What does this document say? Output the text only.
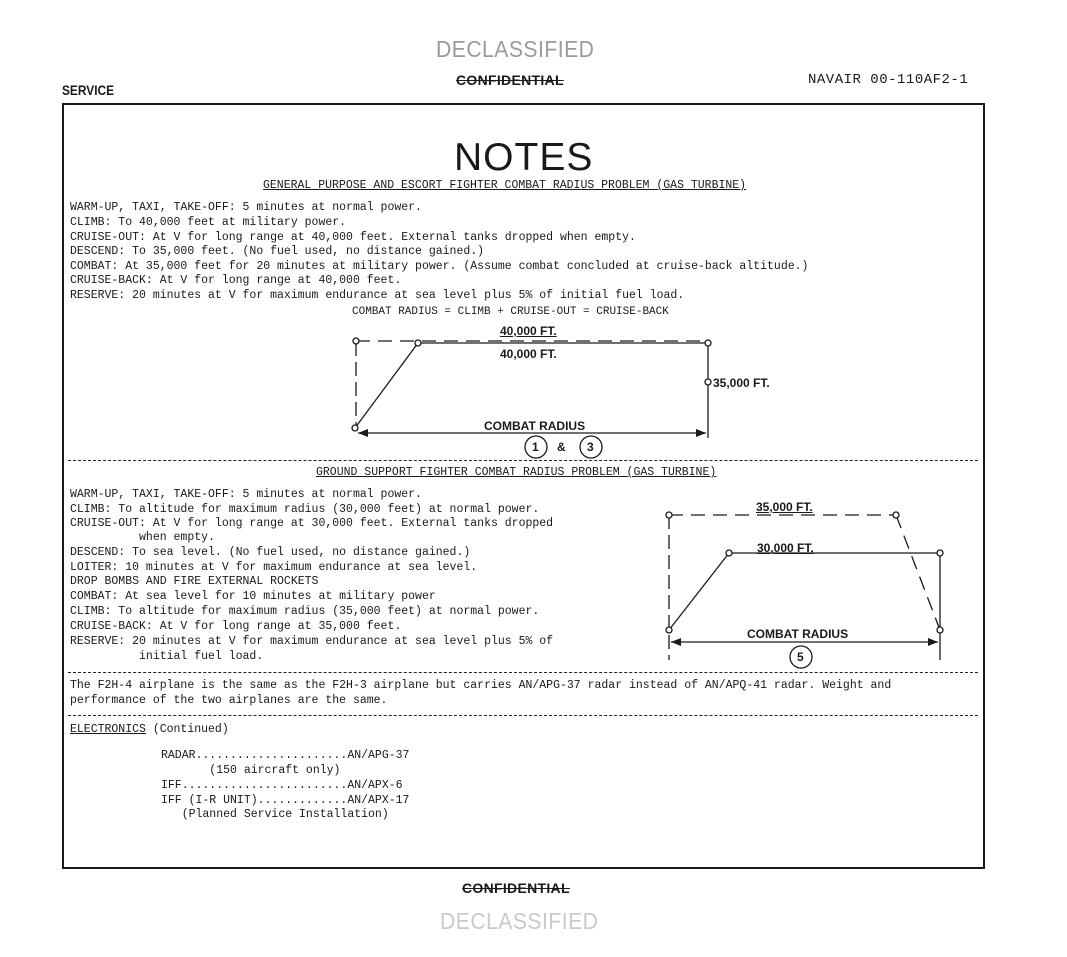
DECLASSIFIED
CONFIDENTIAL
SERVICE
NAVAIR 00-110AF2-1
NOTES
GENERAL PURPOSE AND ESCORT FIGHTER COMBAT RADIUS PROBLEM (GAS TURBINE)
WARM-UP, TAXI, TAKE-OFF: 5 minutes at normal power.
CLIMB: To 40,000 feet at military power.
CRUISE-OUT: At V for long range at 40,000 feet. External tanks dropped when empty.
DESCEND: To 35,000 feet. (No fuel used, no distance gained.)
COMBAT: At 35,000 feet for 20 minutes at military power. (Assume combat concluded at cruise-back altitude.)
CRUISE-BACK: At V for long range at 40,000 feet.
RESERVE: 20 minutes at V for maximum endurance at sea level plus 5% of initial fuel load.
COMBAT RADIUS = CLIMB + CRUISE-OUT = CRUISE-BACK
40,000 FT.
40,000 FT.
35,000 FT.
COMBAT RADIUS
1 & 3
GROUND SUPPORT FIGHTER COMBAT RADIUS PROBLEM (GAS TURBINE)
WARM-UP, TAXI, TAKE-OFF: 5 minutes at normal power.
CLIMB: To altitude for maximum radius (30,000 feet) at normal power.
CRUISE-OUT: At V for long range at 30,000 feet. External tanks dropped
when empty.
DESCEND: To sea level. (No fuel used, no distance gained.)
LOITER: 10 minutes at V for maximum endurance at sea level.
DROP BOMBS AND FIRE EXTERNAL ROCKETS
COMBAT: At sea level for 10 minutes at military power
CLIMB: To altitude for maximum radius (35,000 feet) at normal power.
CRUISE-BACK: At V for long range at 35,000 feet.
RESERVE: 20 minutes at V for maximum endurance at sea level plus 5% of
initial fuel load.
35,000 FT.
30,000 FT.
COMBAT RADIUS
5
The F2H-4 airplane is the same as the F2H-3 airplane but carries AN/APG-37 radar instead of AN/APQ-41 radar. Weight and
performance of the two airplanes are the same.
ELECTRONICS (Continued)
RADAR......................AN/APG-37
(150 aircraft only)
IFF........................AN/APX-6
IFF (I-R UNIT).............AN/APX-17
(Planned Service Installation)
CONFIDENTIAL
DECLASSIFIED
